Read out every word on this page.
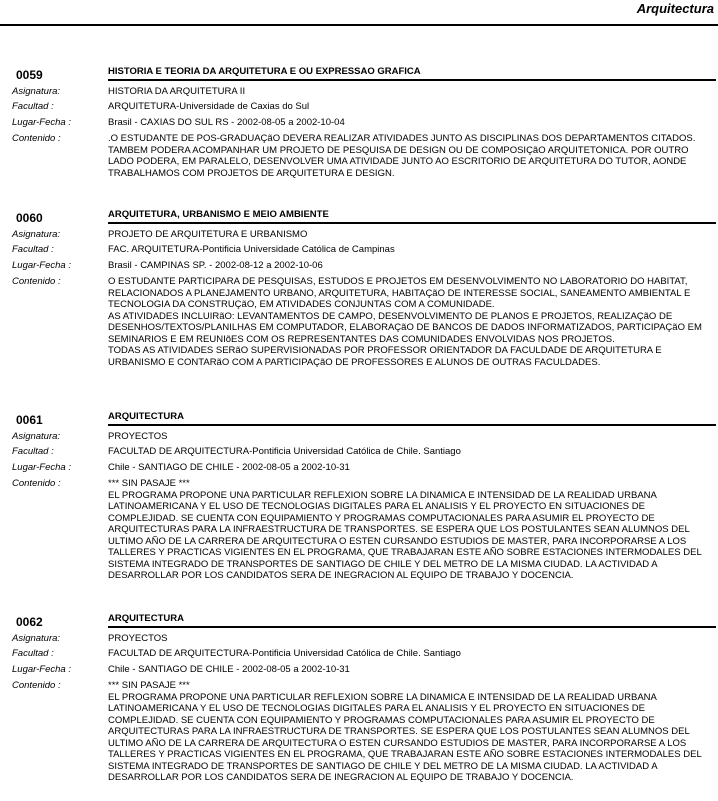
Arquitectura
0059	HISTORIA E TEORIA DA ARQUITETURA E OU EXPRESSAO GRAFICA
Asignatura:	HISTORIA DA ARQUITETURA II
Facultad :	ARQUITETURA-Universidade de Caxias do Sul
Lugar-Fecha :	Brasil - CAXIAS DO SUL RS - 2002-08-05 a 2002-10-04
Contenido :	.O ESTUDANTE DE POS-GRADUAÇãO DEVERA REALIZAR ATIVIDADES JUNTO AS DISCIPLINAS DOS DEPARTAMENTOS CITADOS. TAMBEM PODERA ACOMPANHAR UM PROJETO DE PESQUISA DE DESIGN OU DE COMPOSIÇãO ARQUITETONICA. POR OUTRO LADO PODERA, EM PARALELO, DESENVOLVER UMA ATIVIDADE JUNTO AO ESCRITORIO DE ARQUITETURA DO TUTOR, AONDE TRABALHAMOS COM PROJETOS DE ARQUITETURA E DESIGN.
0060	ARQUITETURA, URBANISMO E MEIO AMBIENTE
Asignatura:	PROJETO DE ARQUITETURA E URBANISMO
Facultad :	FAC. ARQUITETURA-Pontificia Universidade Católica de Campinas
Lugar-Fecha :	Brasil - CAMPINAS SP. - 2002-08-12 a 2002-10-06
Contenido :	O ESTUDANTE PARTICIPARA DE PESQUISAS, ESTUDOS E PROJETOS EM DESENVOLVIMENTO NO LABORATORIO DO HABITAT, RELACIONADOS A PLANEJAMENTO URBANO, ARQUITETURA, HABITAÇãO DE INTERESSE SOCIAL, SANEAMENTO AMBIENTAL E TECNOLOGIA DA CONSTRUÇãO, EM ATIVIDADES CONJUNTAS COM A COMUNIDADE.
AS ATIVIDADES INCLUIRãO: LEVANTAMENTOS DE CAMPO, DESENVOLVIMENTO DE PLANOS E PROJETOS, REALIZAÇãO DE DESENHOS/TEXTOS/PLANILHAS EM COMPUTADOR, ELABORAÇãO DE BANCOS DE DADOS INFORMATIZADOS, PARTICIPAÇãO EM SEMINARIOS E EM REUNIõES COM OS REPRESENTANTES DAS COMUNIDADES ENVOLVIDAS NOS PROJETOS.
TODAS AS ATIVIDADES SERãO SUPERVISIONADAS POR PROFESSOR ORIENTADOR DA FACULDADE DE ARQUITETURA E URBANISMO E CONTARãO COM A PARTICIPAÇãO DE PROFESSORES E ALUNOS DE OUTRAS FACULDADES.
0061	ARQUITECTURA
Asignatura:	PROYECTOS
Facultad :	FACULTAD DE ARQUITECTURA-Pontificia Universidad Católica de Chile. Santiago
Lugar-Fecha :	Chile - SANTIAGO DE CHILE - 2002-08-05 a 2002-10-31
Contenido :	*** SIN PASAJE ***
EL PROGRAMA PROPONE UNA PARTICULAR REFLEXION SOBRE LA DINAMICA E INTENSIDAD DE LA REALIDAD URBANA LATINOAMERICANA Y EL USO DE TECNOLOGIAS DIGITALES PARA EL ANALISIS Y EL PROYECTO EN SITUACIONES DE COMPLEJIDAD. SE CUENTA CON EQUIPAMIENTO Y PROGRAMAS COMPUTACIONALES PARA ASUMIR EL PROYECTO DE ARQUITECTURAS PARA LA INFRAESTRUCTURA DE TRANSPORTES. SE ESPERA QUE LOS POSTULANTES SEAN ALUMNOS DEL ULTIMO AÑO DE LA CARRERA DE ARQUITECTURA O ESTEN CURSANDO ESTUDIOS DE MASTER, PARA INCORPORARSE A LOS TALLERES Y PRACTICAS VIGIENTES EN EL PROGRAMA, QUE TRABAJARAN ESTE AÑO SOBRE ESTACIONES INTERMODALES DEL SISTEMA INTEGRADO DE TRANSPORTES DE SANTIAGO DE CHILE Y DEL METRO DE LA MISMA CIUDAD. LA ACTIVIDAD A DESARROLLAR POR LOS CANDIDATOS SERA DE INEGRACION AL EQUIPO DE TRABAJO Y DOCENCIA.
0062	ARQUITECTURA
Asignatura:	PROYECTOS
Facultad :	FACULTAD DE ARQUITECTURA-Pontificia Universidad Católica de Chile. Santiago
Lugar-Fecha :	Chile - SANTIAGO DE CHILE - 2002-08-05 a 2002-10-31
Contenido :	*** SIN PASAJE ***
EL PROGRAMA PROPONE UNA PARTICULAR REFLEXION SOBRE LA DINAMICA E INTENSIDAD DE LA REALIDAD URBANA LATINOAMERICANA Y EL USO DE TECNOLOGIAS DIGITALES PARA EL ANALISIS Y EL PROYECTO EN SITUACIONES DE COMPLEJIDAD. SE CUENTA CON EQUIPAMIENTO Y PROGRAMAS COMPUTACIONALES PARA ASUMIR EL PROYECTO DE ARQUITECTURAS PARA LA INFRAESTRUCTURA DE TRANSPORTES. SE ESPERA QUE LOS POSTULANTES SEAN ALUMNOS DEL ULTIMO AÑO DE LA CARRERA DE ARQUITECTURA O ESTEN CURSANDO ESTUDIOS DE MASTER, PARA INCORPORARSE A LOS TALLERES Y PRACTICAS VIGIENTES EN EL PROGRAMA, QUE TRABAJARAN ESTE AÑO SOBRE ESTACIONES INTERMODALES DEL SISTEMA INTEGRADO DE TRANSPORTES DE SANTIAGO DE CHILE Y DEL METRO DE LA MISMA CIUDAD. LA ACTIVIDAD A DESARROLLAR POR LOS CANDIDATOS SERA DE INEGRACION AL EQUIPO DE TRABAJO Y DOCENCIA.
